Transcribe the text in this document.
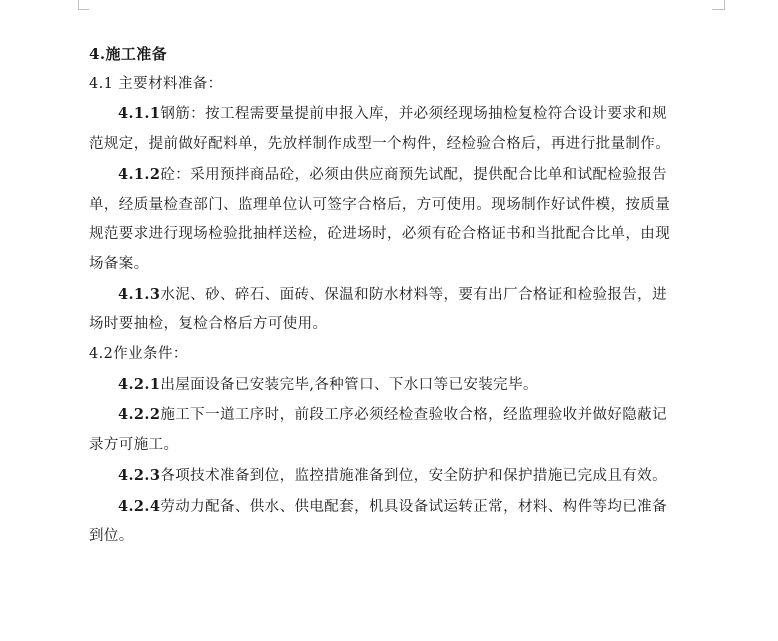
4.施工准备
4.1 主要材料准备：
4.1.1钢筋：按工程需要量提前申报入库，并必须经现场抽检复检符合设计要求和规
范规定，提前做好配料单，先放样制作成型一个构件，经检验合格后，再进行批量制作。
4.1.2砼：采用预拌商品砼，必须由供应商预先试配，提供配合比单和试配检验报告
单，经质量检查部门、监理单位认可签字合格后，方可使用。现场制作好试件模，按质量
规范要求进行现场检验批抽样送检，砼进场时，必须有砼合格证书和当批配合比单，由现
场备案。
4.1.3水泥、砂、碎石、面砖、保温和防水材料等，要有出厂合格证和检验报告，进
场时要抽检，复检合格后方可使用。
4.2作业条件：
4.2.1出屋面设备已安装完毕,各种管口、下水口等已安装完毕。
4.2.2施工下一道工序时，前段工序必须经检查验收合格，经监理验收并做好隐蔽记
录方可施工。
4.2.3各项技术准备到位，监控措施准备到位，安全防护和保护措施已完成且有效。
4.2.4劳动力配备、供水、供电配套，机具设备试运转正常，材料、构件等均已准备
到位。
